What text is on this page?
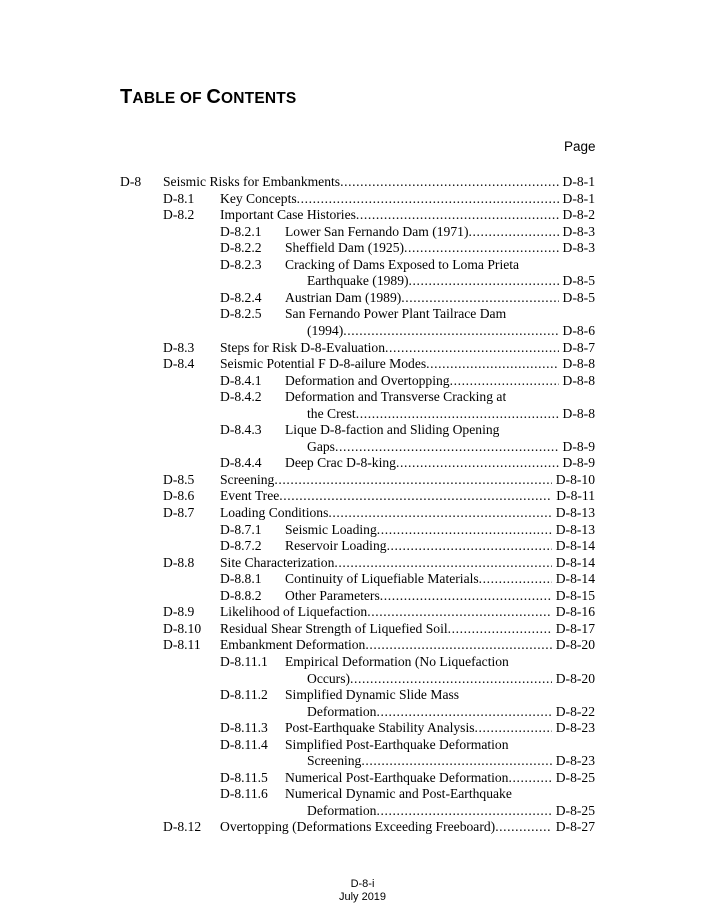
TABLE OF CONTENTS
Page
D-8 Seismic Risks for Embankments .....	D-8-1
D-8.1 Key Concepts .....	D-8-1
D-8.2 Important Case Histories .....	D-8-2
D-8.2.1 Lower San Fernando Dam (1971) .....	D-8-3
D-8.2.2 Sheffield Dam (1925) .....	D-8-3
D-8.2.3 Cracking of Dams Exposed to Loma Prieta
Earthquake (1989) .....	D-8-5
D-8.2.4 Austrian Dam (1989) .....	D-8-5
D-8.2.5 San Fernando Power Plant Tailrace Dam
(1994) .....	D-8-6
D-8.3 Steps for Risk D-8-Evaluation .....	D-8-7
D-8.4 Seismic Potential F D-8-ailure Modes .....	D-8-8
D-8.4.1 Deformation and Overtopping .....	D-8-8
D-8.4.2 Deformation and Transverse Cracking at
the Crest .....	D-8-8
D-8.4.3 Lique D-8-faction and Sliding Opening
Gaps .....	D-8-9
D-8.4.4 Deep Crac D-8-king .....	D-8-9
D-8.5 Screening .....	D-8-10
D-8.6 Event Tree .....	D-8-11
D-8.7 Loading Conditions .....	D-8-13
D-8.7.1 Seismic Loading .....	D-8-13
D-8.7.2 Reservoir Loading .....	D-8-14
D-8.8 Site Characterization .....	D-8-14
D-8.8.1 Continuity of Liquefiable Materials .....	D-8-14
D-8.8.2 Other Parameters .....	D-8-15
D-8.9 Likelihood of Liquefaction .....	D-8-16
D-8.10 Residual Shear Strength of Liquefied Soil .....	D-8-17
D-8.11 Embankment Deformation .....	D-8-20
D-8.11.1 Empirical Deformation (No Liquefaction
Occurs) .....	D-8-20
D-8.11.2 Simplified Dynamic Slide Mass
Deformation .....	D-8-22
D-8.11.3 Post-Earthquake Stability Analysis .....	D-8-23
D-8.11.4 Simplified Post-Earthquake Deformation
Screening .....	D-8-23
D-8.11.5 Numerical Post-Earthquake Deformation .....	D-8-25
D-8.11.6 Numerical Dynamic and Post-Earthquake
Deformation .....	D-8-25
D-8.12 Overtopping (Deformations Exceeding Freeboard) .....	D-8-27
D-8-i
July 2019
